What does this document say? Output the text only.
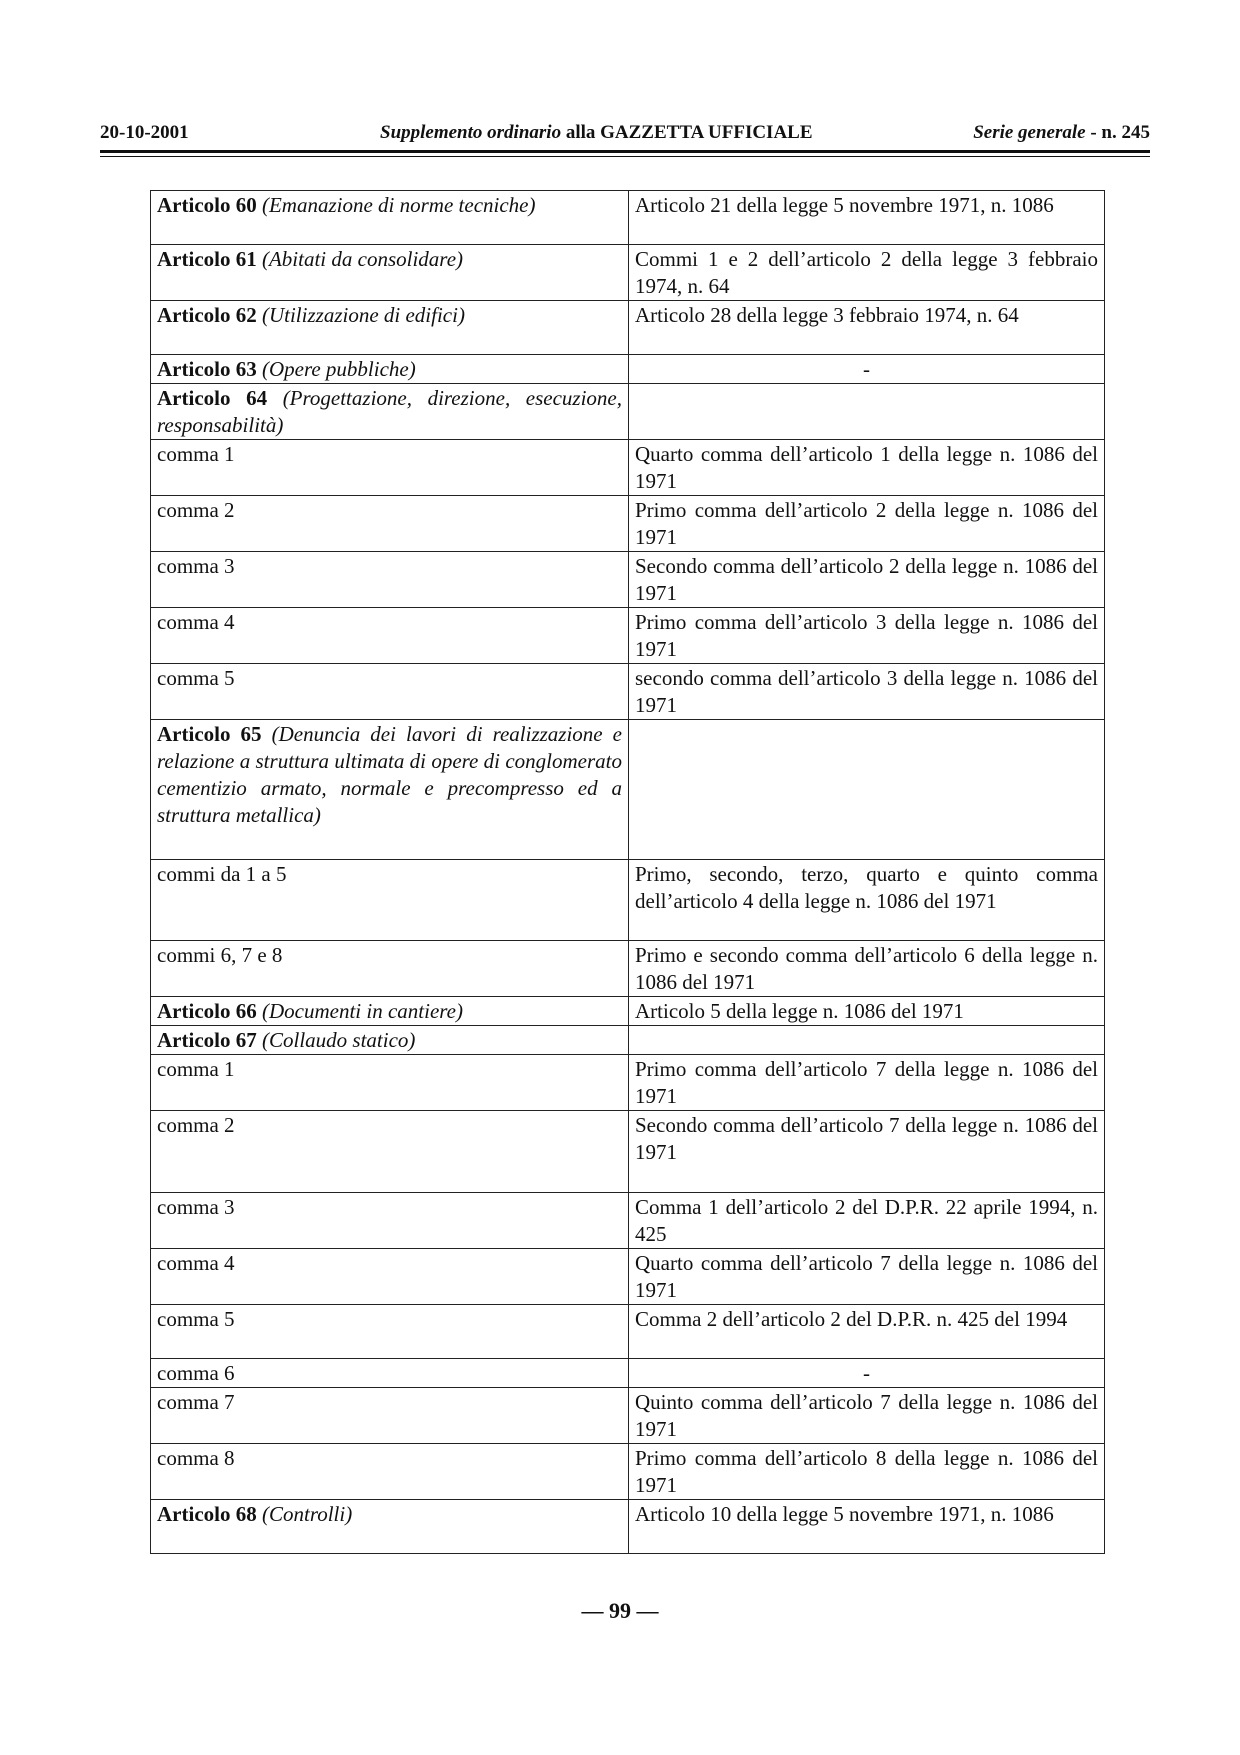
20-10-2001	Supplemento ordinario alla GAZZETTA UFFICIALE	Serie generale - n. 245
Articolo 60 (Emanazione di norme tecniche)	Articolo 21 della legge 5 novembre 1971, n. 1086
Articolo 61 (Abitati da consolidare)	Commi 1 e 2 dell’articolo 2 della legge 3 febbraio 1974, n. 64
Articolo 62 (Utilizzazione di edifici)	Articolo 28 della legge 3 febbraio 1974, n. 64
Articolo 63 (Opere pubbliche)	-
Articolo 64 (Progettazione, direzione, esecuzione, responsabilità)	
comma 1	Quarto comma dell’articolo 1 della legge n. 1086 del 1971
comma 2	Primo comma dell’articolo 2 della legge n. 1086 del 1971
comma 3	Secondo comma dell’articolo 2 della legge n. 1086 del 1971
comma 4	Primo comma dell’articolo 3 della legge n. 1086 del 1971
comma 5	secondo comma dell’articolo 3 della legge n. 1086 del 1971
Articolo 65 (Denuncia dei lavori di realizzazione e relazione a struttura ultimata di opere di conglomerato cementizio armato, normale e precompresso ed a struttura metallica)	
commi da 1 a 5	Primo, secondo, terzo, quarto e quinto comma dell’articolo 4 della legge n. 1086 del 1971
commi 6, 7 e 8	Primo e secondo comma dell’articolo 6 della legge n. 1086 del 1971
Articolo 66 (Documenti in cantiere)	Articolo 5 della legge n. 1086 del 1971
Articolo 67 (Collaudo statico)	
comma 1	Primo comma dell’articolo 7 della legge n. 1086 del 1971
comma 2	Secondo comma dell’articolo 7 della legge n. 1086 del 1971
comma 3	Comma 1 dell’articolo 2 del D.P.R. 22 aprile 1994, n. 425
comma 4	Quarto comma dell’articolo 7 della legge n. 1086 del 1971
comma 5	Comma 2 dell’articolo 2 del D.P.R. n. 425 del 1994
comma 6	-
comma 7	Quinto comma dell’articolo 7 della legge n. 1086 del 1971
comma 8	Primo comma dell’articolo 8 della legge n. 1086 del 1971
Articolo 68 (Controlli)	Articolo 10 della legge 5 novembre 1971, n. 1086
— 99 —
